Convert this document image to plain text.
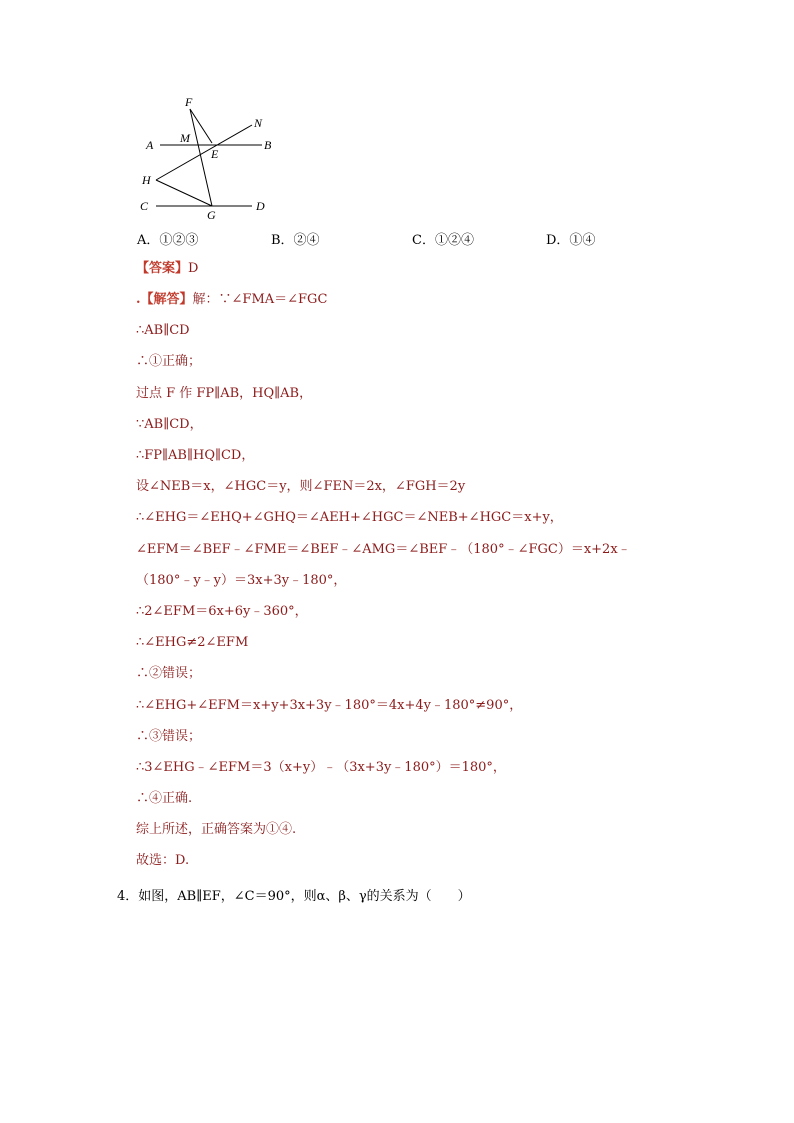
F
M
N
A
E
B
H
C
G
D
A．①②③	B．②④	C．①②④	D．①④
【答案】D
.【解答】解：∵∠FMA＝∠FGC
∴AB∥CD
∴①正确；
过点 F 作 FP∥AB，HQ∥AB，
∵AB∥CD，
∴FP∥AB∥HQ∥CD，
设∠NEB＝x，∠HGC＝y，则∠FEN＝2x，∠FGH＝2y
∴∠EHG＝∠EHQ+∠GHQ＝∠AEH+∠HGC＝∠NEB+∠HGC＝x+y，
∠EFM＝∠BEF﹣∠FME＝∠BEF﹣∠AMG＝∠BEF﹣（180°﹣∠FGC）＝x+2x﹣
（180°﹣y﹣y）＝3x+3y﹣180°，
∴2∠EFM＝6x+6y﹣360°，
∴∠EHG≠2∠EFM
∴②错误；
∴∠EHG+∠EFM＝x+y+3x+3y﹣180°＝4x+4y﹣180°≠90°，
∴③错误；
∴3∠EHG﹣∠EFM＝3（x+y）﹣（3x+3y﹣180°）＝180°，
∴④正确.
综上所述，正确答案为①④.
故选：D.
4．如图，AB∥EF，∠C＝90°，则α、β、γ的关系为（　　）
